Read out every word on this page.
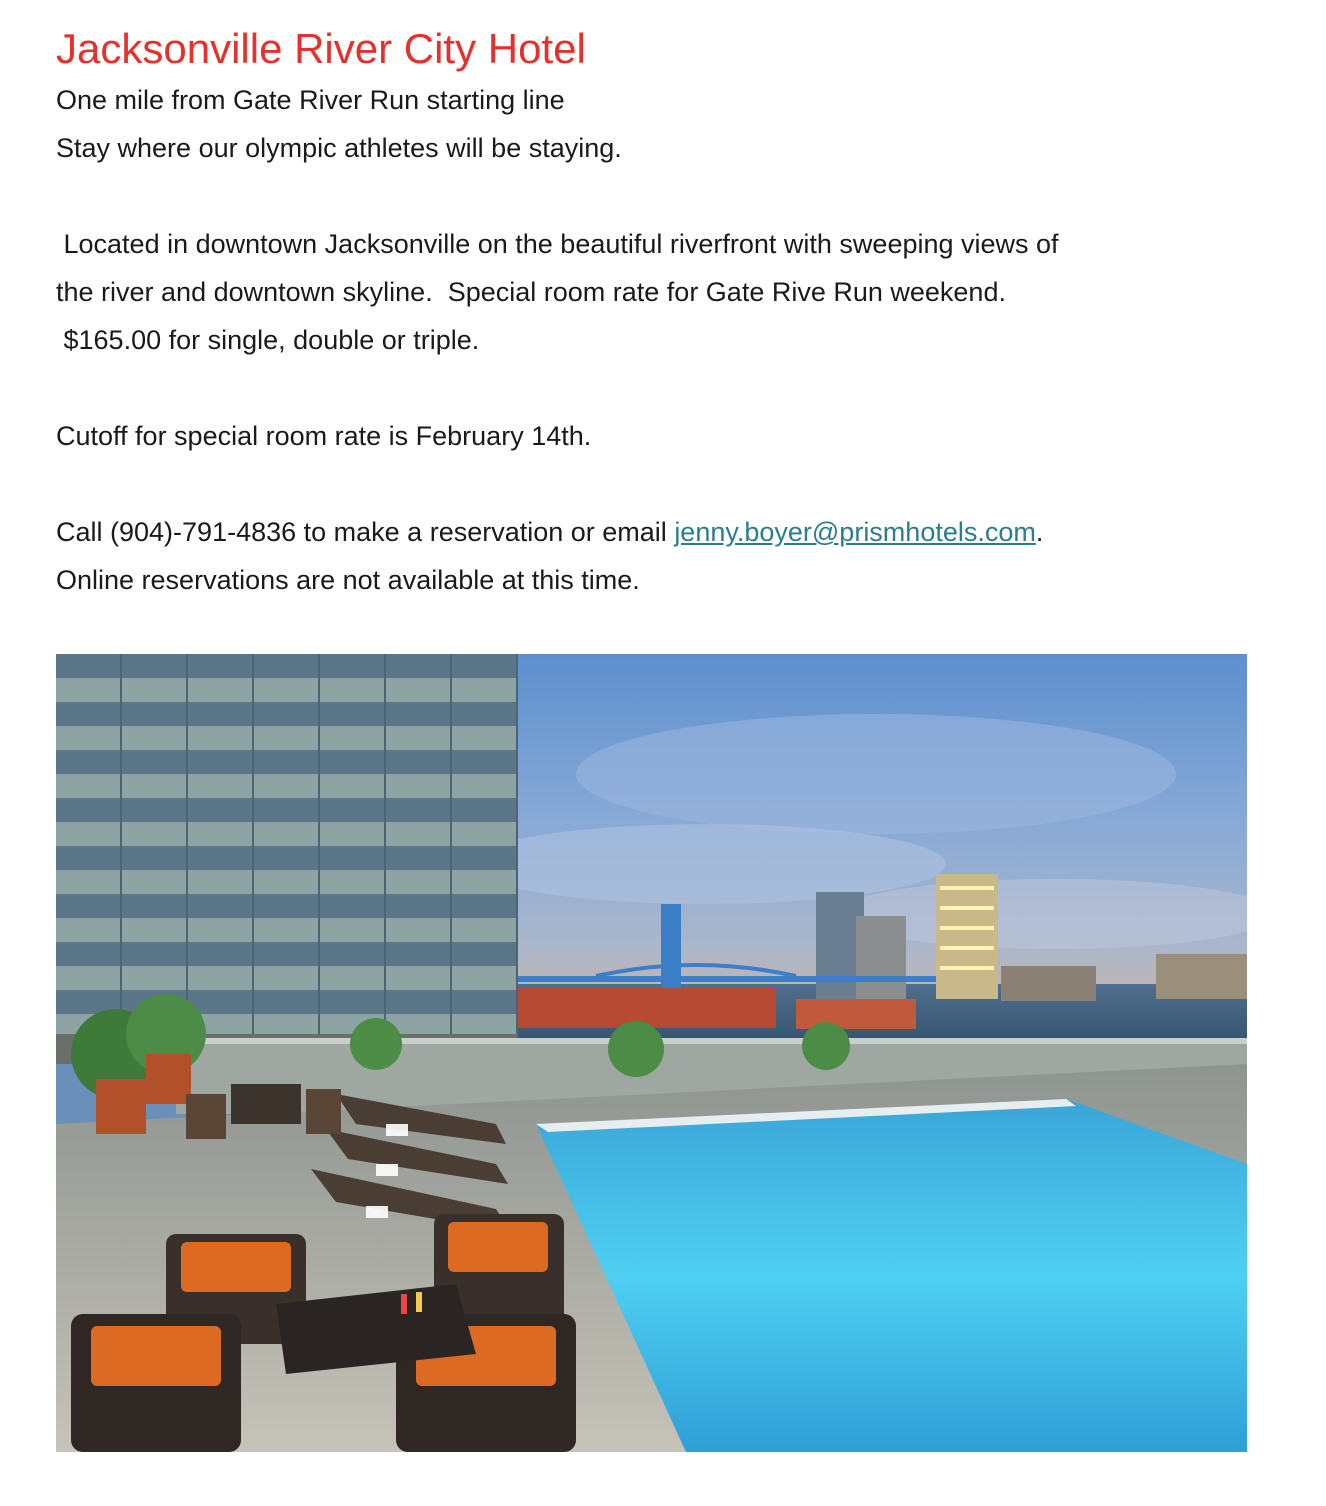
Jacksonville River City Hotel

One mile from Gate River Run starting line

Stay where our olympic athletes will be staying.

Located in downtown Jacksonville on the beautiful riverfront with sweeping views of

the river and downtown skyline.  Special room rate for Gate Rive Run weekend.

$165.00 for single, double or triple.

Cutoff for special room rate is February 14th.

Call (904)-791-4836 to make a reservation or email jenny.boyer@prismhotels.com.

Online reservations are not available at this time.
